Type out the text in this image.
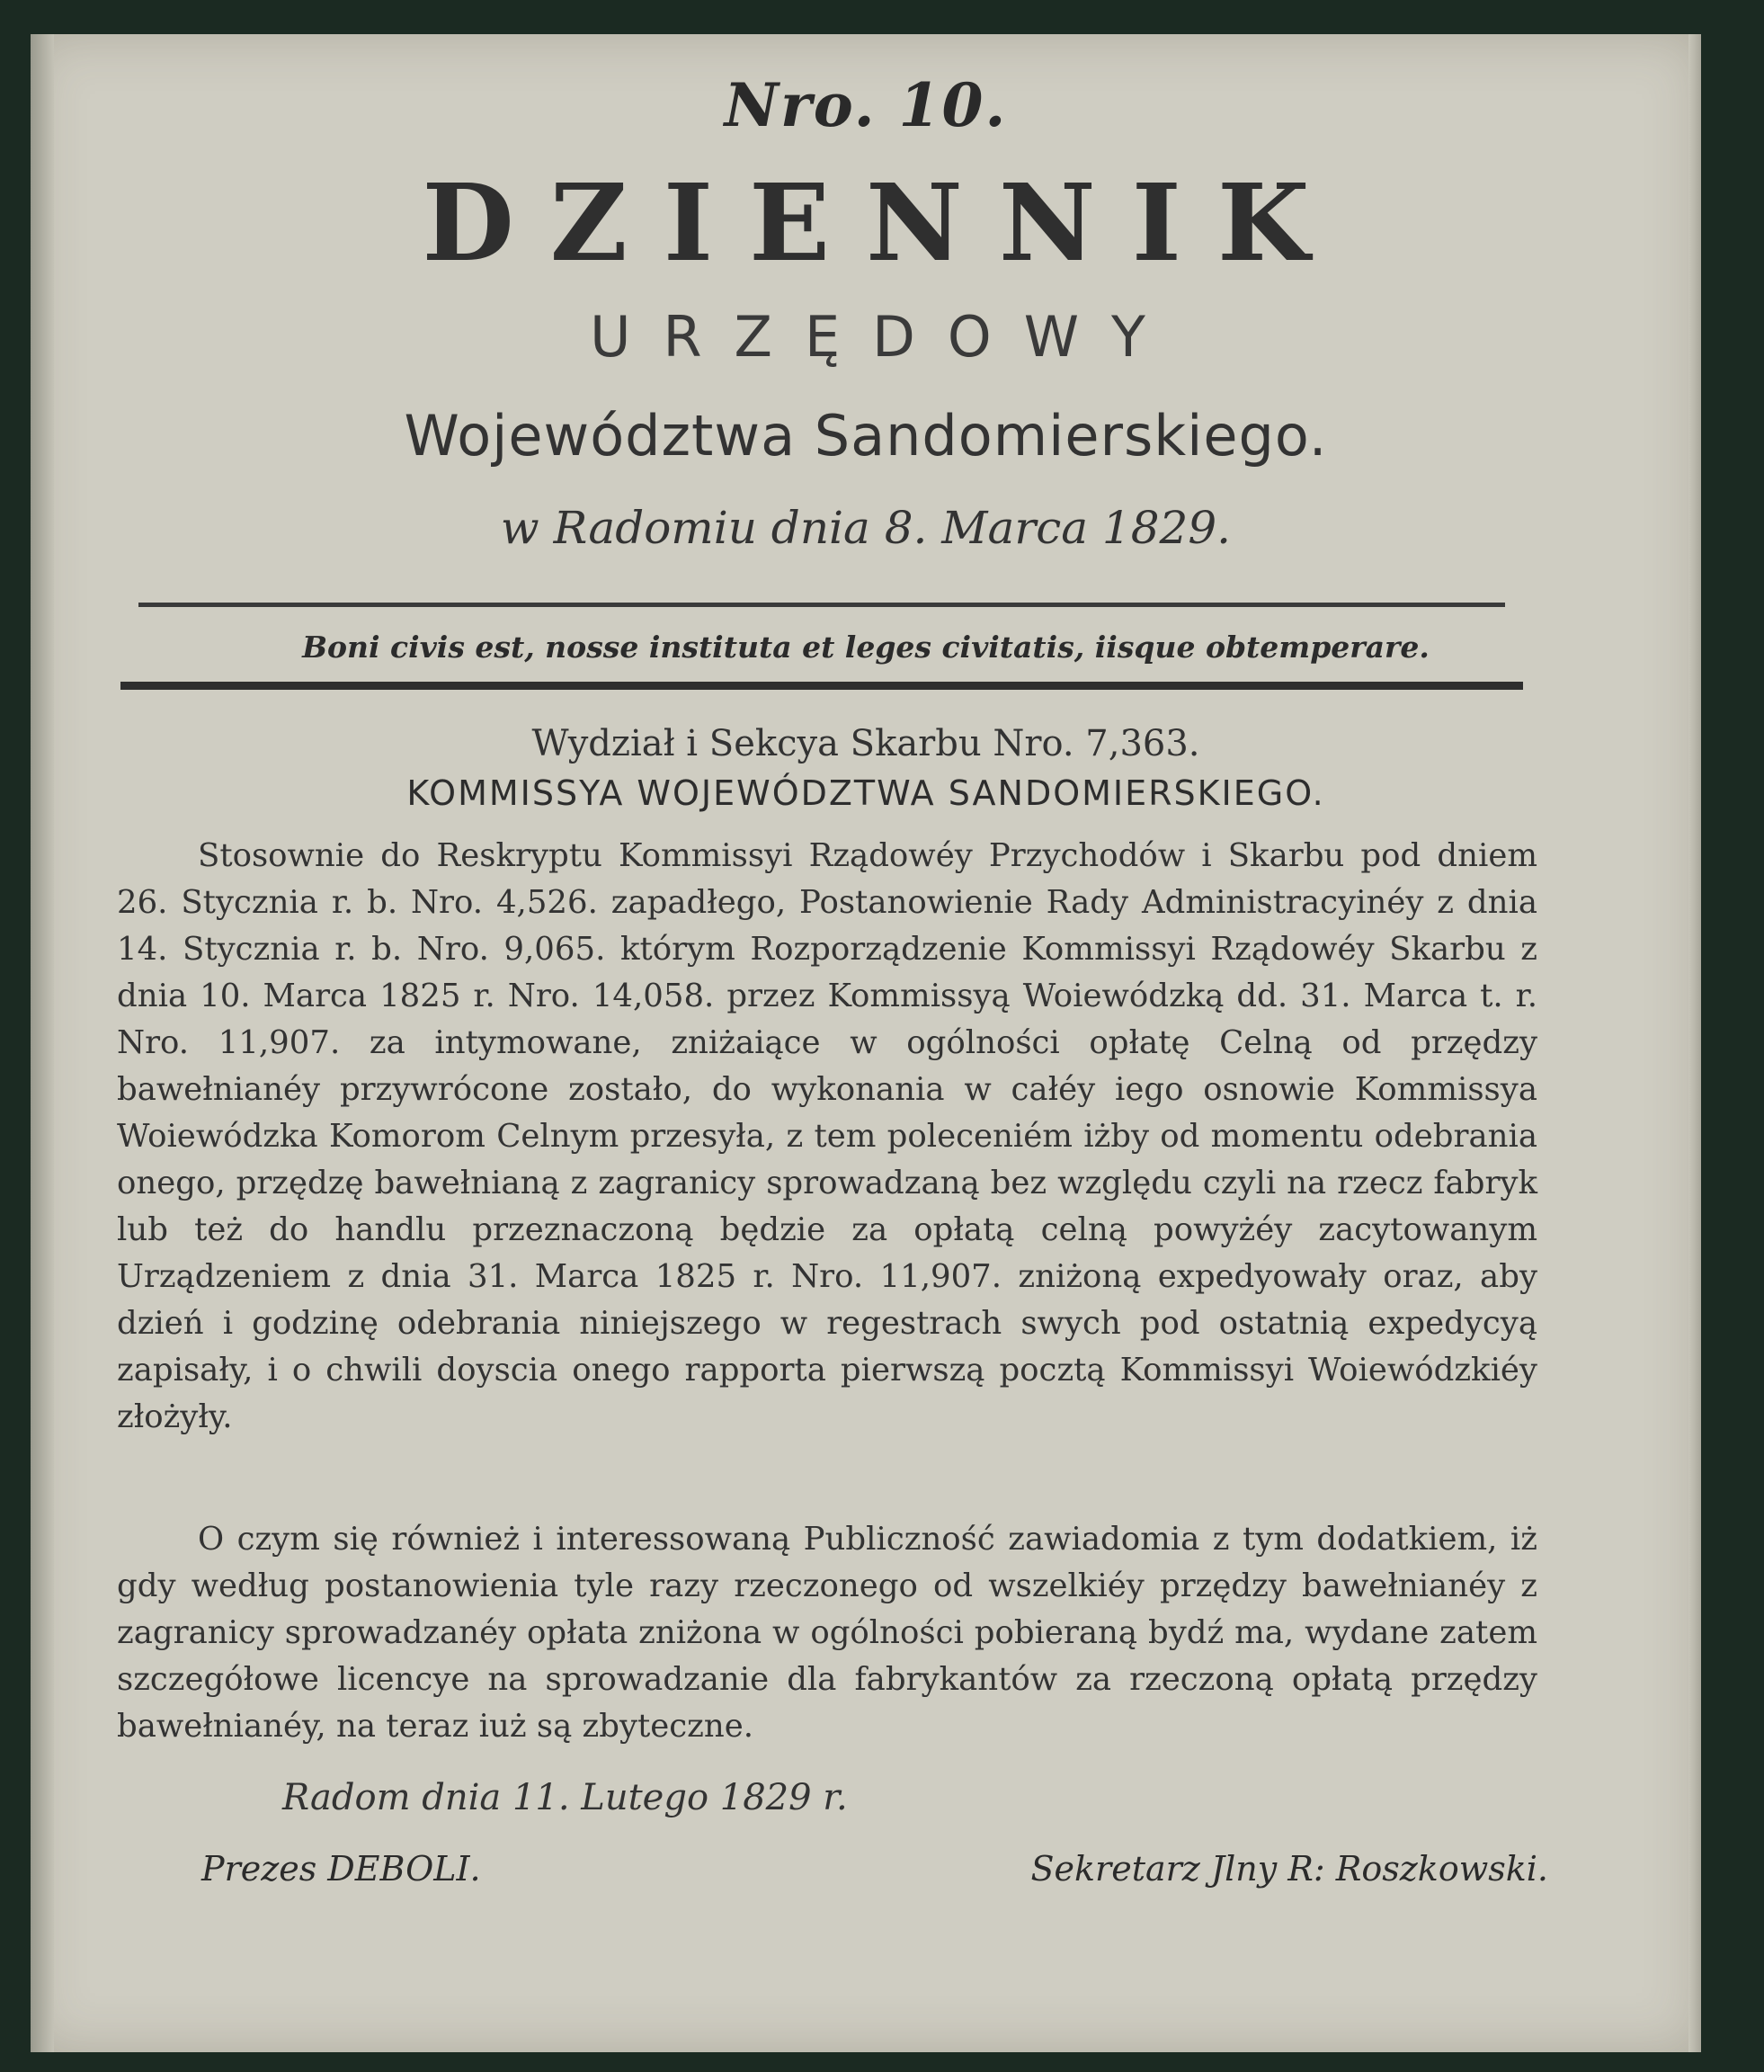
Nro. 10.
DZIENNIK
URZĘDOWY
Województwa Sandomierskiego.
w Radomiu dnia 8. Marca 1829.
Boni civis est, nosse instituta et leges civitatis, iisque obtemperare.
Wydział i Sekcya Skarbu Nro. 7,363.
KOMMISSYA WOJEWÓDZTWA SANDOMIERSKIEGO.
Stosownie do Reskryptu Kommissyi Rządowéy Przychodów i Skarbu pod dniem 26. Stycznia r. b. Nro. 4,526. zapadłego, Postanowienie Rady Administracyinéy z dnia 14. Stycznia r. b. Nro. 9,065. którym Rozporządzenie Kommissyi Rządowéy Skarbu z dnia 10. Marca 1825 r. Nro. 14,058. przez Kommissyą Woiewódzką dd. 31. Marca t. r. Nro. 11,907. za intymowane, zniżaiące w ogólności opłatę Celną od przędzy bawełnianéy przywrócone zostało, do wykonania w całéy iego osnowie Kommissya Woiewódzka Komorom Celnym przesyła, z tem poleceniém iżby od momentu odebrania onego, przędzę bawełnianą z zagranicy sprowadzaną bez względu czyli na rzecz fabryk lub też do handlu przeznaczoną będzie za opłatą celną powyżéy zacytowanym Urządzeniem z dnia 31. Marca 1825 r. Nro. 11,907. zniżoną expedyowały oraz, aby dzień i godzinę odebrania niniejszego w regestrach swych pod ostatnią expedycyą zapisały, i o chwili doyscia onego rapporta pierwszą pocztą Kommissyi Woiewódzkiéy złożyły.
O czym się również i interessowaną Publiczność zawiadomia z tym dodatkiem, iż gdy według postanowienia tyle razy rzeczonego od wszelkiéy przędzy bawełnianéy z zagranicy sprowadzanéy opłata zniżona w ogólności pobieraną bydź ma, wydane zatem szczegółowe licencye na sprowadzanie dla fabrykantów za rzeczoną opłatą przędzy bawełnianéy, na teraz iuż są zbyteczne.
Radom dnia 11. Lutego 1829 r.
Prezes DEBOLI.	Sekretarz Jlny R: Roszkowski.
